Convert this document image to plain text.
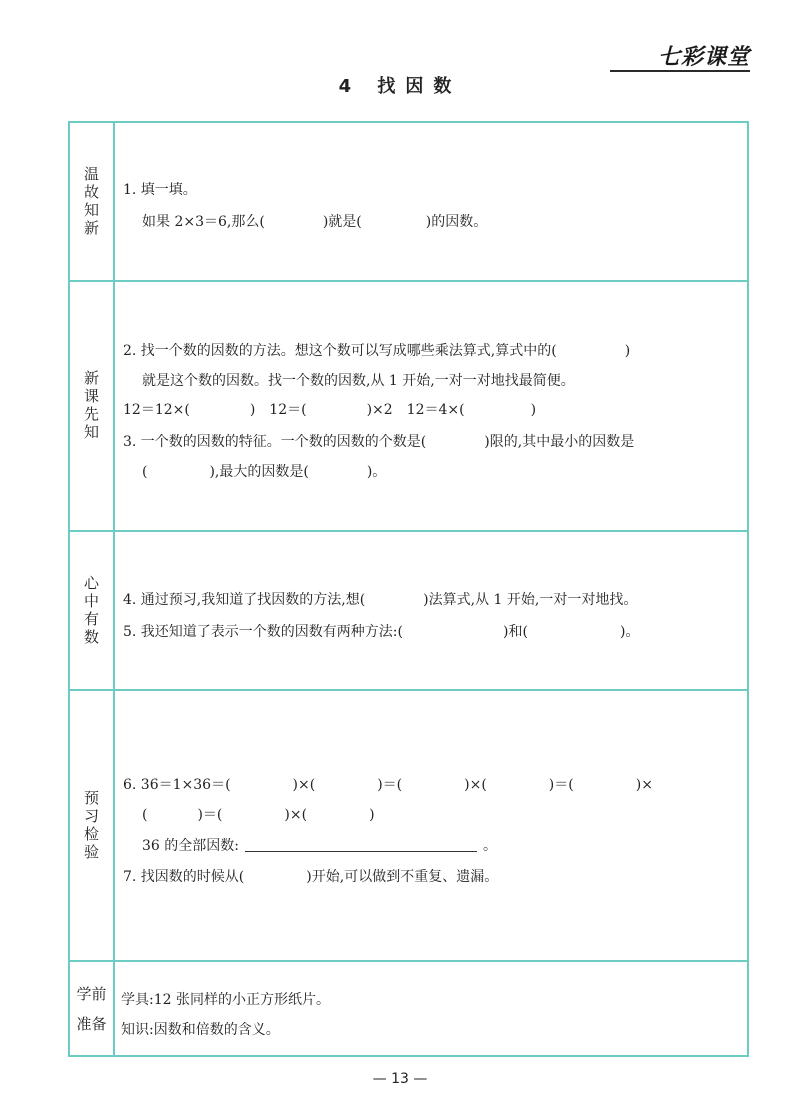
七彩课堂
4 找因数
温故知新 1. 填一填。
如果 2×3＝6,那么(	)就是(	)的因数。
新课先知
2. 找一个数的因数的方法。想这个数可以写成哪些乘法算式,算式中的(	)
就是这个数的因数。找一个数的因数,从 1 开始,一对一对地找最简便。
12＝12×(	)　12＝(	)×2　12＝4×(	)
3. 一个数的因数的特征。一个数的因数的个数是(	)限的,其中最小的因数是
(	),最大的因数是(	)。
心中有数 4. 通过预习,我知道了找因数的方法,想(	)法算式,从 1 开始,一对一对地找。
5. 我还知道了表示一个数的因数有两种方法:(	)和(	)。
预习检验
6. 36＝1×36＝(	)×(	)＝(	)×(	)＝(	)×
(	)＝(	)×(	)
36 的全部因数:	。
7. 找因数的时候从(	)开始,可以做到不重复、遗漏。
学前
准备
学具:12 张同样的小正方形纸片。
知识:因数和倍数的含义。
— 13 —
